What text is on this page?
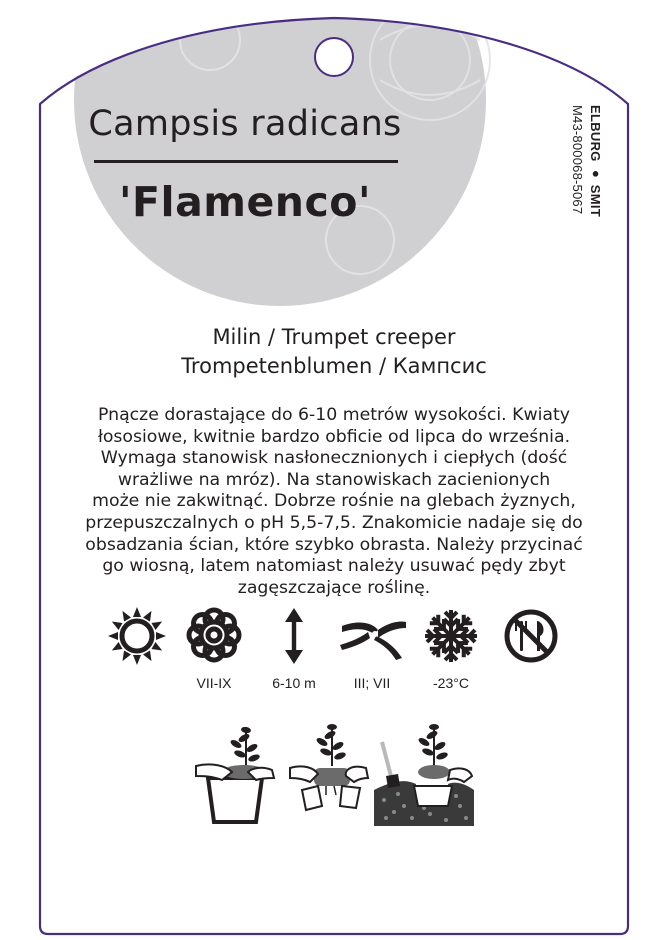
Campsis radicans
'Flamenco'	ELBURG ● SMIT
M43-800068-5067
Milin / Trumpet creeper
Trompetenblumen / Кампсис
Pnącze dorastające do 6-10 metrów wysokości. Kwiaty
łososiowe, kwitnie bardzo obficie od lipca do września.
Wymaga stanowisk nasłonecznionych i ciepłych (dość
wrażliwe na mróz). Na stanowiskach zacienionych
może nie zakwitnąć. Dobrze rośnie na glebach żyznych,
przepuszczalnych o pH 5,5-7,5. Znakomicie nadaje się do
obsadzania ścian, które szybko obrasta. Należy przycinać
go wiosną, latem natomiast należy usuwać pędy zbyt
zagęszczające roślinę.
VII-IX	6-10 m	III; VII	-23°C
